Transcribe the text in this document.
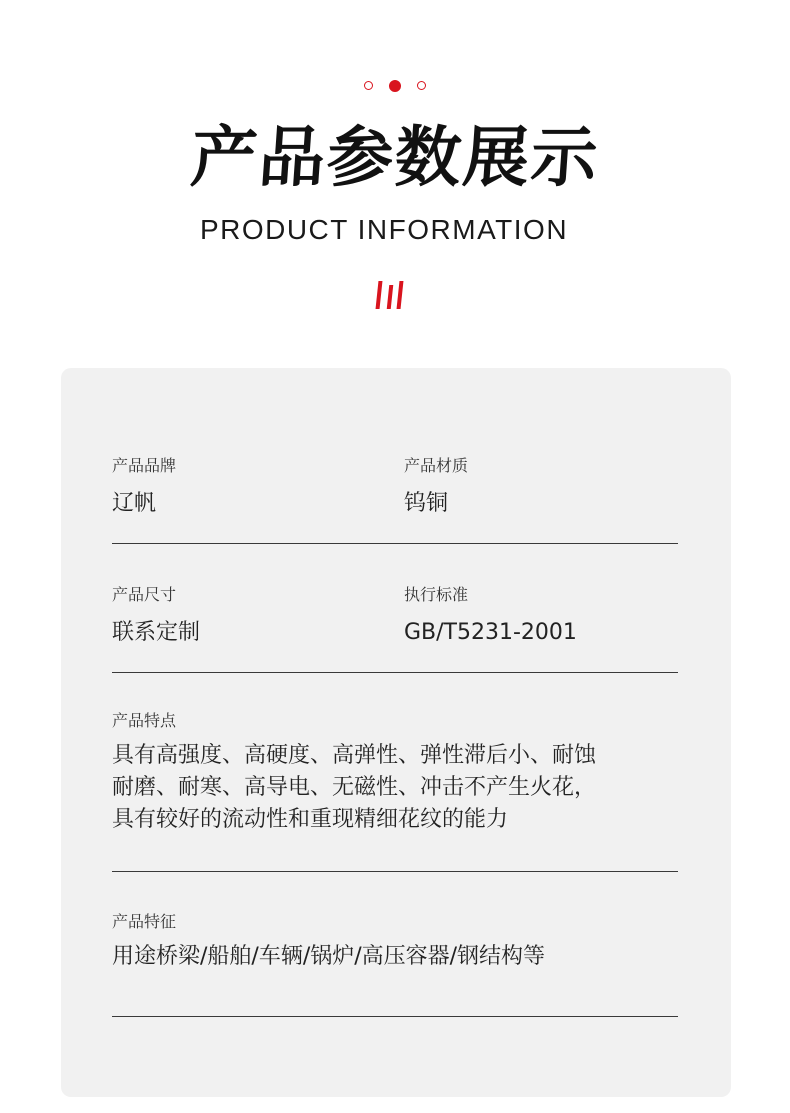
产品参数展示
PRODUCT INFORMATION
产品品牌
辽帆
产品材质
钨铜
产品尺寸
联系定制
执行标准
GB/T5231-2001
产品特点
具有高强度、高硬度、高弹性、弹性滞后小、耐蚀
耐磨、耐寒、高导电、无磁性、冲击不产生火花，
具有较好的流动性和重现精细花纹的能力
产品特征
用途桥梁/船舶/车辆/锅炉/高压容器/钢结构等
